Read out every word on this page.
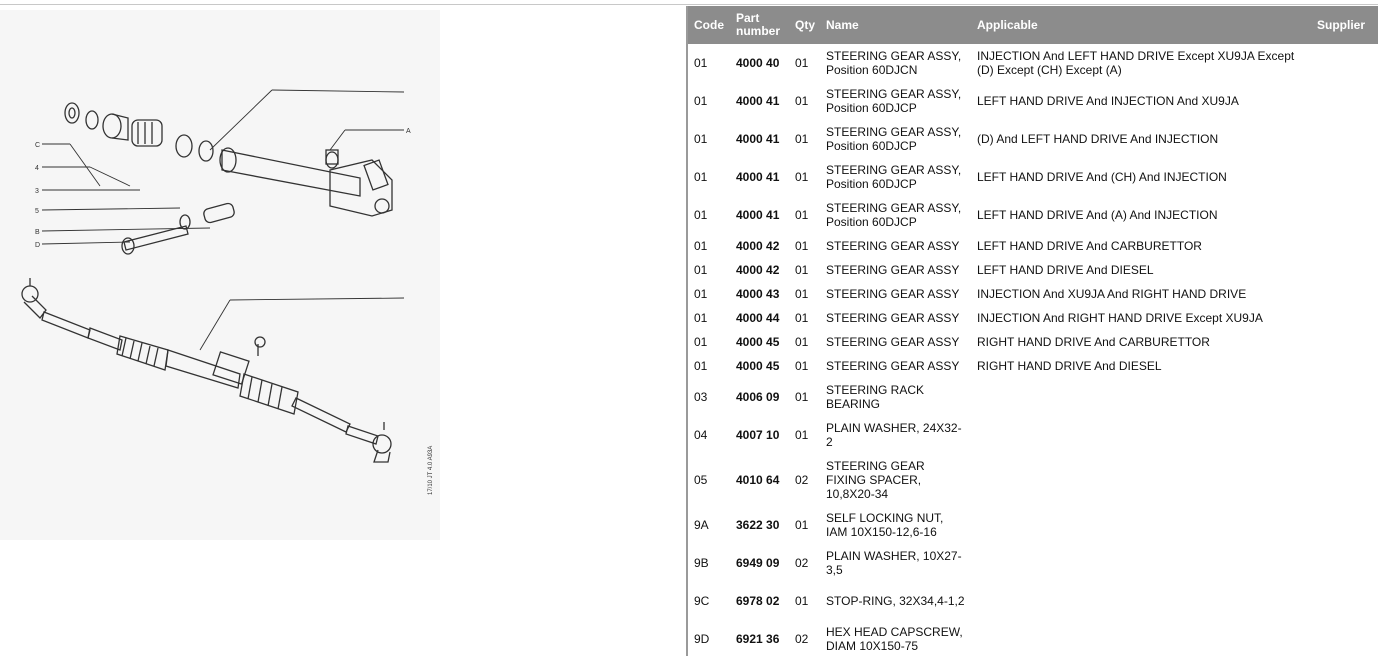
C
4
3
5
B
D
A
17/10 JT 4.0 A93A
Code	Part number	Qty	Name	Applicable	Supplier
01	4000 40	01	STEERING GEAR ASSY, Position 60DJCN	INJECTION And LEFT HAND DRIVE Except XU9JA Except (D) Except (CH) Except (A)	
01	4000 41	01	STEERING GEAR ASSY, Position 60DJCP	LEFT HAND DRIVE And INJECTION And XU9JA	
01	4000 41	01	STEERING GEAR ASSY, Position 60DJCP	(D) And LEFT HAND DRIVE And INJECTION	
01	4000 41	01	STEERING GEAR ASSY, Position 60DJCP	LEFT HAND DRIVE And (CH) And INJECTION	
01	4000 41	01	STEERING GEAR ASSY, Position 60DJCP	LEFT HAND DRIVE And (A) And INJECTION	
01	4000 42	01	STEERING GEAR ASSY	LEFT HAND DRIVE And CARBURETTOR	
01	4000 42	01	STEERING GEAR ASSY	LEFT HAND DRIVE And DIESEL	
01	4000 43	01	STEERING GEAR ASSY	INJECTION And XU9JA And RIGHT HAND DRIVE	
01	4000 44	01	STEERING GEAR ASSY	INJECTION And RIGHT HAND DRIVE Except XU9JA	
01	4000 45	01	STEERING GEAR ASSY	RIGHT HAND DRIVE And CARBURETTOR	
01	4000 45	01	STEERING GEAR ASSY	RIGHT HAND DRIVE And DIESEL	
03	4006 09	01	STEERING RACK BEARING		
04	4007 10	01	PLAIN WASHER, 24X32-2		
05	4010 64	02	STEERING GEAR FIXING SPACER, 10,8X20-34		
9A	3622 30	01	SELF LOCKING NUT, IAM 10X150-12,6-16		
9B	6949 09	02	PLAIN WASHER, 10X27-3,5		
9C	6978 02	01	STOP-RING, 32X34,4-1,2		
9D	6921 36	02	HEX HEAD CAPSCREW, DIAM 10X150-75		
